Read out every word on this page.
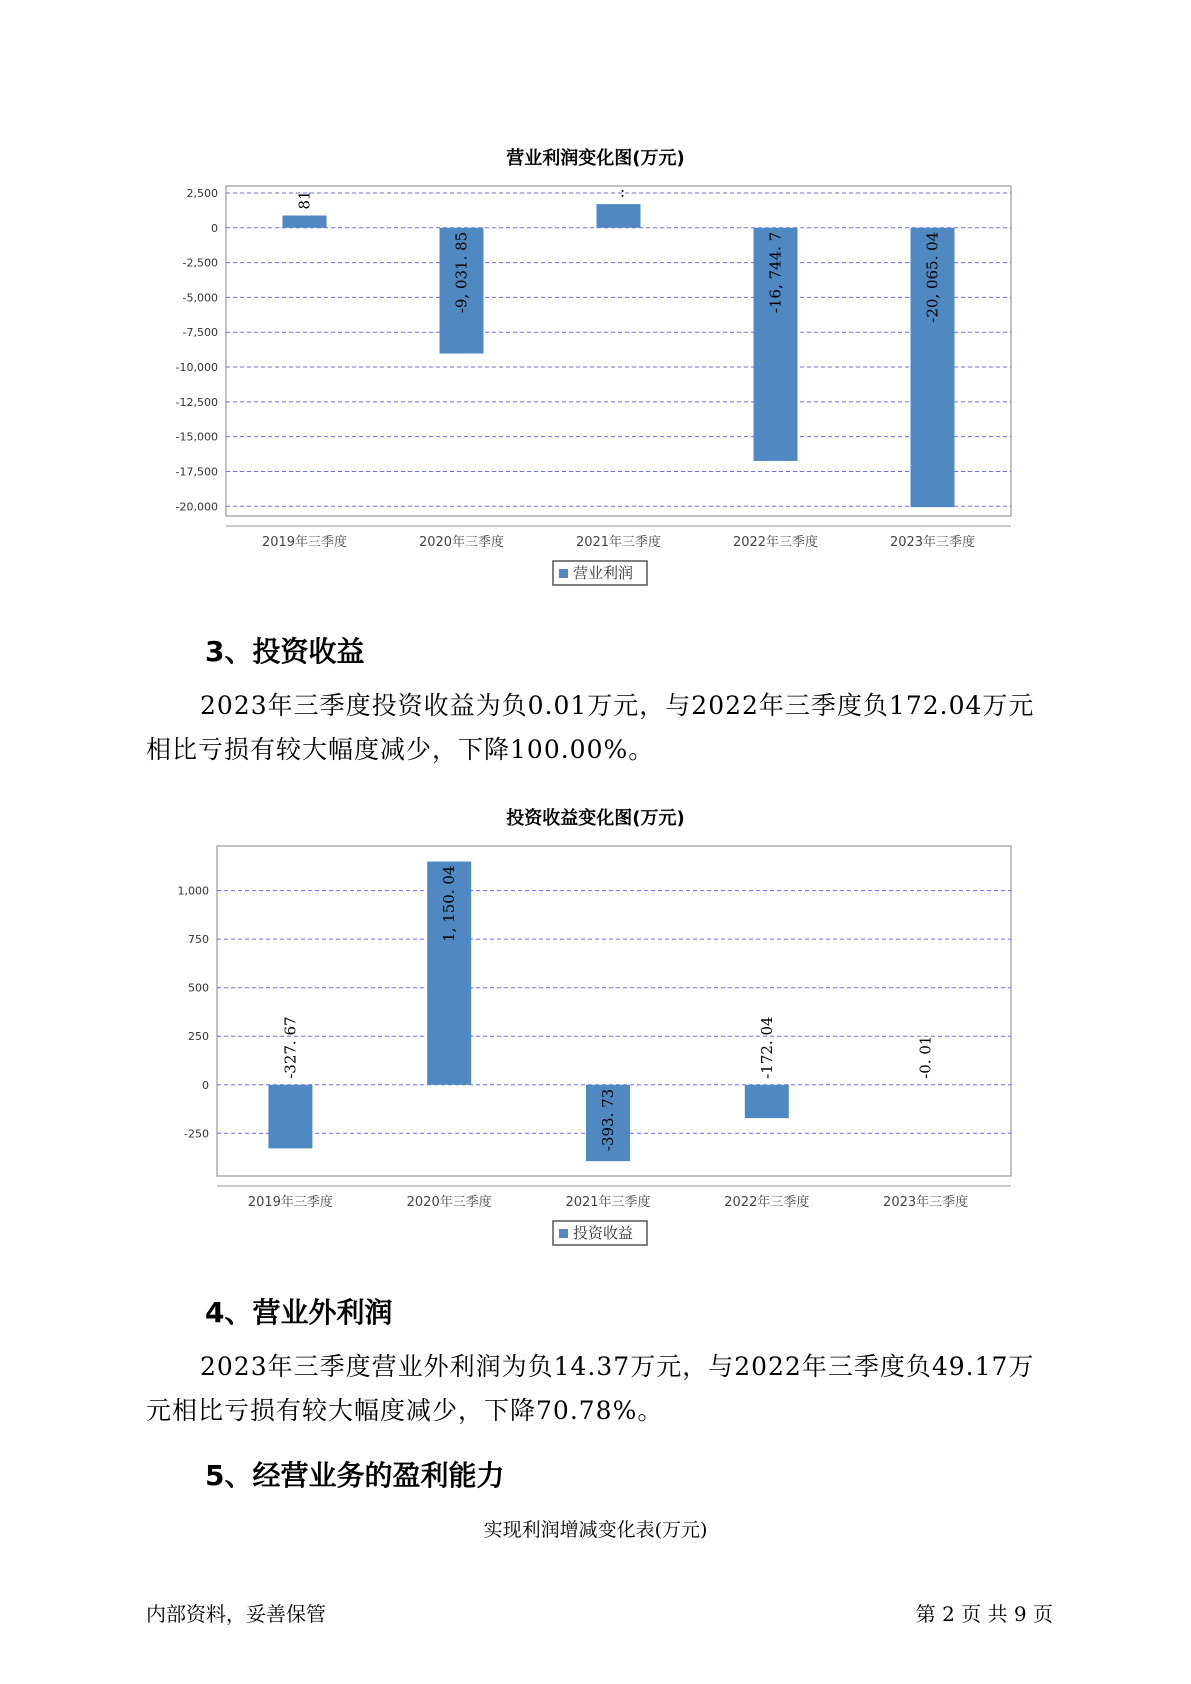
营业利润变化图(万元)
2,500
0
-2,500
-5,000
-7,500
-10,000
-12,500
-15,000
-17,500
-20,000
81
2019年三季度
-9, 031. 85
2020年三季度
..
2021年三季度
-16, 744. 7
2022年三季度
-20, 065. 04
2023年三季度
营业利润
3、投资收益
2023年三季度投资收益为负0.01万元，与2022年三季度负172.04万元
相比亏损有较大幅度减少，下降100.00%。
投资收益变化图(万元)
1,000
750
500
250
0
-250
-327. 67
2019年三季度
1, 150. 04
2020年三季度
-393. 73
2021年三季度
-172. 04
2022年三季度
-0. 01
2023年三季度
投资收益
4、营业外利润
2023年三季度营业外利润为负14.37万元，与2022年三季度负49.17万
元相比亏损有较大幅度减少，下降70.78%。
5、经营业务的盈利能力
实现利润增减变化表(万元)
内部资料，妥善保管	第 2 页 共 9 页
